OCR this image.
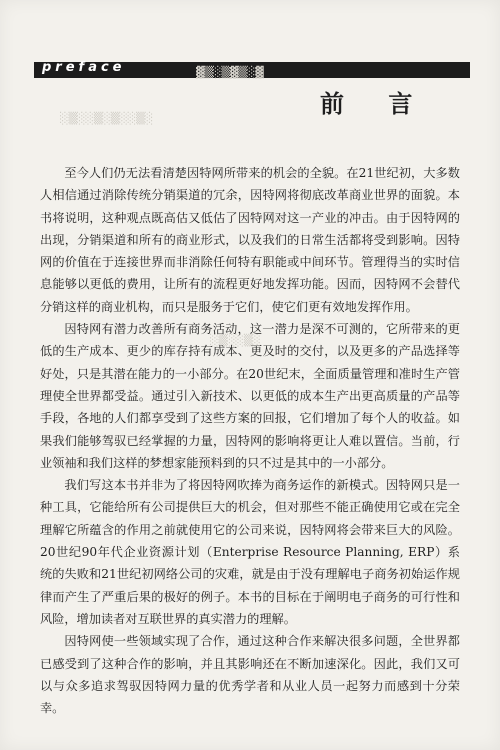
preface	▓▒░▒▓▒░▓
░▒░░▒░▒░░▒░
░▒░░▒░
前 言

至今人们仍无法看清楚因特网所带来的机会的全貌。在21世纪初，大多数人相信通过消除传统分销渠道的冗余，因特网将彻底改革商业世界的面貌。本书将说明，这种观点既高估又低估了因特网对这一产业的冲击。由于因特网的出现，分销渠道和所有的商业形式，以及我们的日常生活都将受到影响。因特网的价值在于连接世界而非消除任何特有职能或中间环节。管理得当的实时信息能够以更低的费用，让所有的流程更好地发挥功能。因而，因特网不会替代分销这样的商业机构，而只是服务于它们，使它们更有效地发挥作用。

因特网有潜力改善所有商务活动，这一潜力是深不可测的，它所带来的更低的生产成本、更少的库存持有成本、更及时的交付，以及更多的产品选择等好处，只是其潜在能力的一小部分。在20世纪末，全面质量管理和准时生产管理使全世界都受益。通过引入新技术、以更低的成本生产出更高质量的产品等手段，各地的人们都享受到了这些方案的回报，它们增加了每个人的收益。如果我们能够驾驭已经掌握的力量，因特网的影响将更让人难以置信。当前，行业领袖和我们这样的梦想家能预料到的只不过是其中的一小部分。

我们写这本书并非为了将因特网吹捧为商务运作的新模式。因特网只是一种工具，它能给所有公司提供巨大的机会，但对那些不能正确使用它或在完全理解它所蕴含的作用之前就使用它的公司来说，因特网将会带来巨大的风险。20世纪90年代企业资源计划（Enterprise Resource Planning, ERP）系统的失败和21世纪初网络公司的灾难，就是由于没有理解电子商务初始运作规律而产生了严重后果的极好的例子。本书的目标在于阐明电子商务的可行性和风险，增加读者对互联世界的真实潜力的理解。

因特网使一些领域实现了合作，通过这种合作来解决很多问题，全世界都已感受到了这种合作的影响，并且其影响还在不断加速深化。因此，我们又可以与众多追求驾驭因特网力量的优秀学者和从业人员一起努力而感到十分荣幸。
